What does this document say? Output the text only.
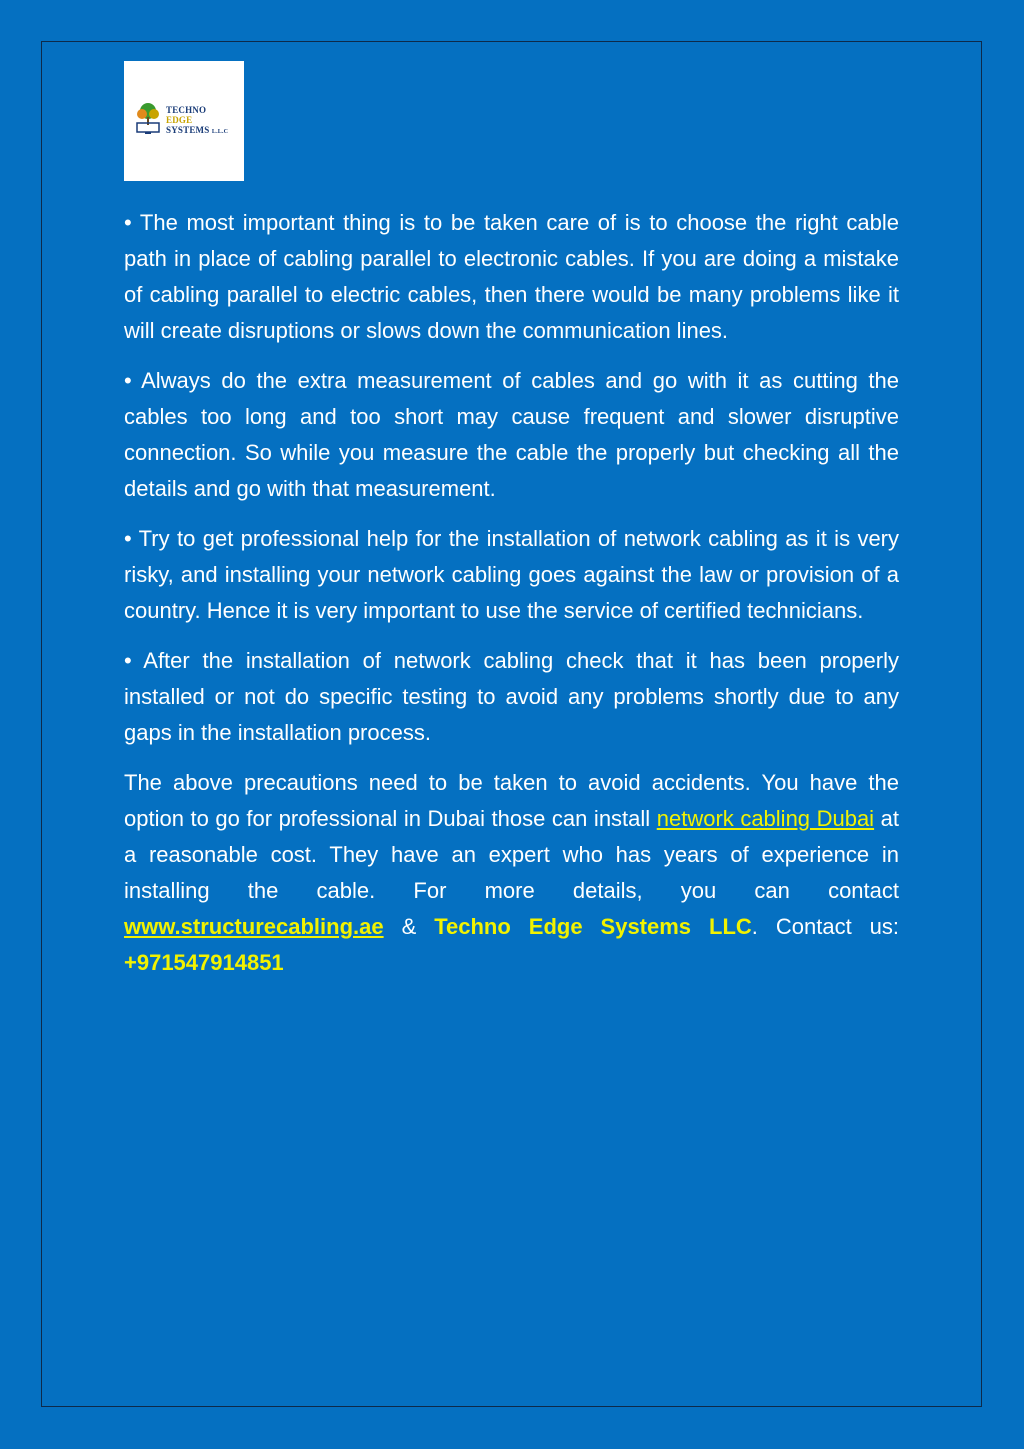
TECHNO
EDGE
SYSTEMS L.L.C

• The most important thing is to be taken care of is to choose the right cable path in place of cabling parallel to electronic cables. If you are doing a mistake of cabling parallel to electric cables, then there would be many problems like it will create disruptions or slows down the communication lines.

• Always do the extra measurement of cables and go with it as cutting the cables too long and too short may cause frequent and slower disruptive connection. So while you measure the cable the properly but checking all the details and go with that measurement.

• Try to get professional help for the installation of network cabling as it is very risky, and installing your network cabling goes against the law or provision of a country. Hence it is very important to use the service of certified technicians.

• After the installation of network cabling check that it has been properly installed or not do specific testing to avoid any problems shortly due to any gaps in the installation process.

The above precautions need to be taken to avoid accidents. You have the option to go for professional in Dubai those can install network cabling Dubai at a reasonable cost. They have an expert who has years of experience in installing the cable. For more details, you can contact www.structurecabling.ae & Techno Edge Systems LLC. Contact us: +971547914851
